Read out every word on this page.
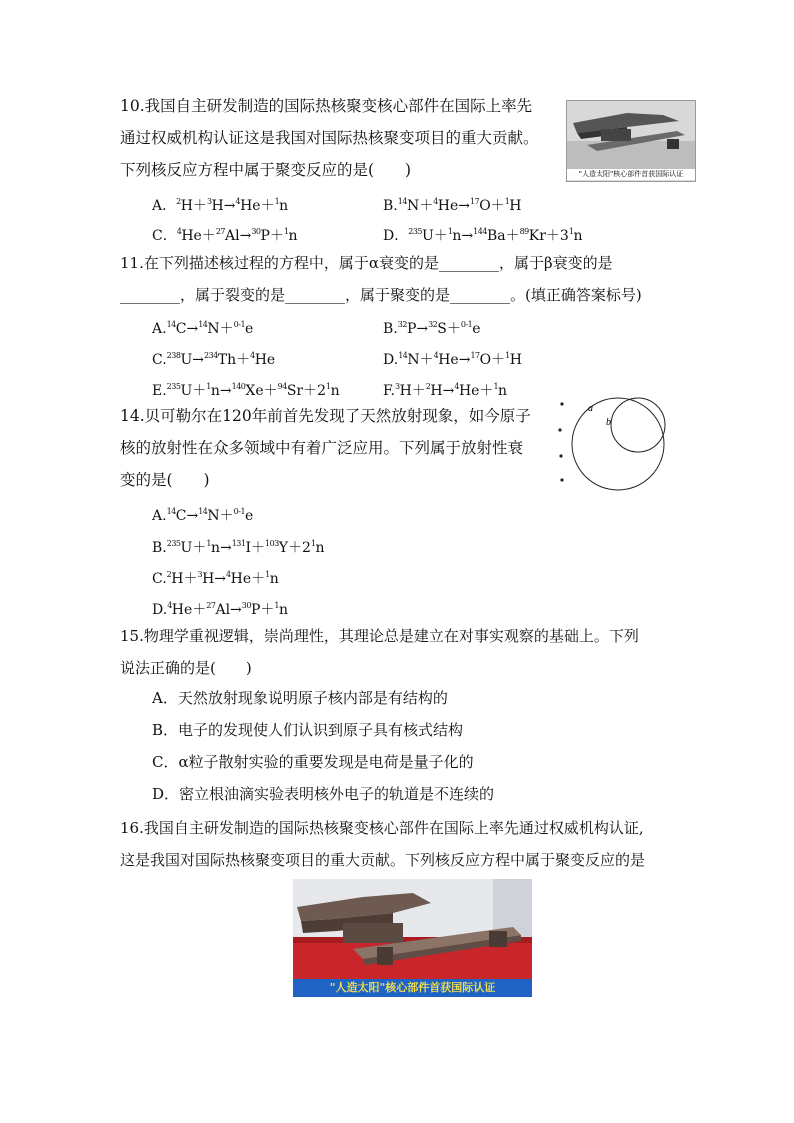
10.我国自主研发制造的国际热核聚变核心部件在国际上率先
通过权威机构认证这是我国对国际热核聚变项目的重大贡献。
下列核反应方程中属于聚变反应的是(　　)	"人造太阳"核心部件首获国际认证
A．$^2$H＋$^3$H→$^4$He＋$^1$n	B.$^{14}$N＋$^4$He→$^{17}$O＋$^1$H
C．$^4$He＋$^{27}$Al→$^{30}$P＋$^1$n	D．$^{235}U+^1n\to^{144}Ba+^{89}Kr+3^1n$
11.在下列描述核过程的方程中，属于α衰变的是________，属于β衰变的是
________，属于裂变的是________，属于聚变的是________。(填正确答案标号)
A.$^{14}$C→$^{14}$N＋$^{0-1}$e	B.$^{32}$P→$^{32}$S＋$^{0-1}$e
C.$^{238}$U→$^{234}$Th＋$^4$He	D.$^{14}$N＋$^4$He→$^{17}$O＋$^1$H
$E.^{235}U+^1n\to^{140}Xe+^{94}Sr+2^1n$	F.$^3$H＋$^2$H→$^4$He＋$^1$n
14.贝可勒尔在120年前首先发现了天然放射现象，如今原子
核的放射性在众多领域中有着广泛应用。下列属于放射性衰
变的是(　　)
a
b
A.$^{14}$C→$^{14}$N＋$^{0-1}$e
$B.^{235}U+^1n\to^{131}I+^{103}Y+2^1n$
C.$^2$H＋$^3$H→$^4$He＋$^1$n
D.$^4$He＋$^{27}$Al→$^{30}$P＋$^1$n
15.物理学重视逻辑，崇尚理性，其理论总是建立在对事实观察的基础上。下列
说法正确的是(　　)
A．天然放射现象说明原子核内部是有结构的
B．电子的发现使人们认识到原子具有核式结构
C．α粒子散射实验的重要发现是电荷是量子化的
D．密立根油滴实验表明核外电子的轨道是不连续的
16.我国自主研发制造的国际热核聚变核心部件在国际上率先通过权威机构认证,
这是我国对国际热核聚变项目的重大贡献。下列核反应方程中属于聚变反应的是
"人造太阳"核心部件首获国际认证
